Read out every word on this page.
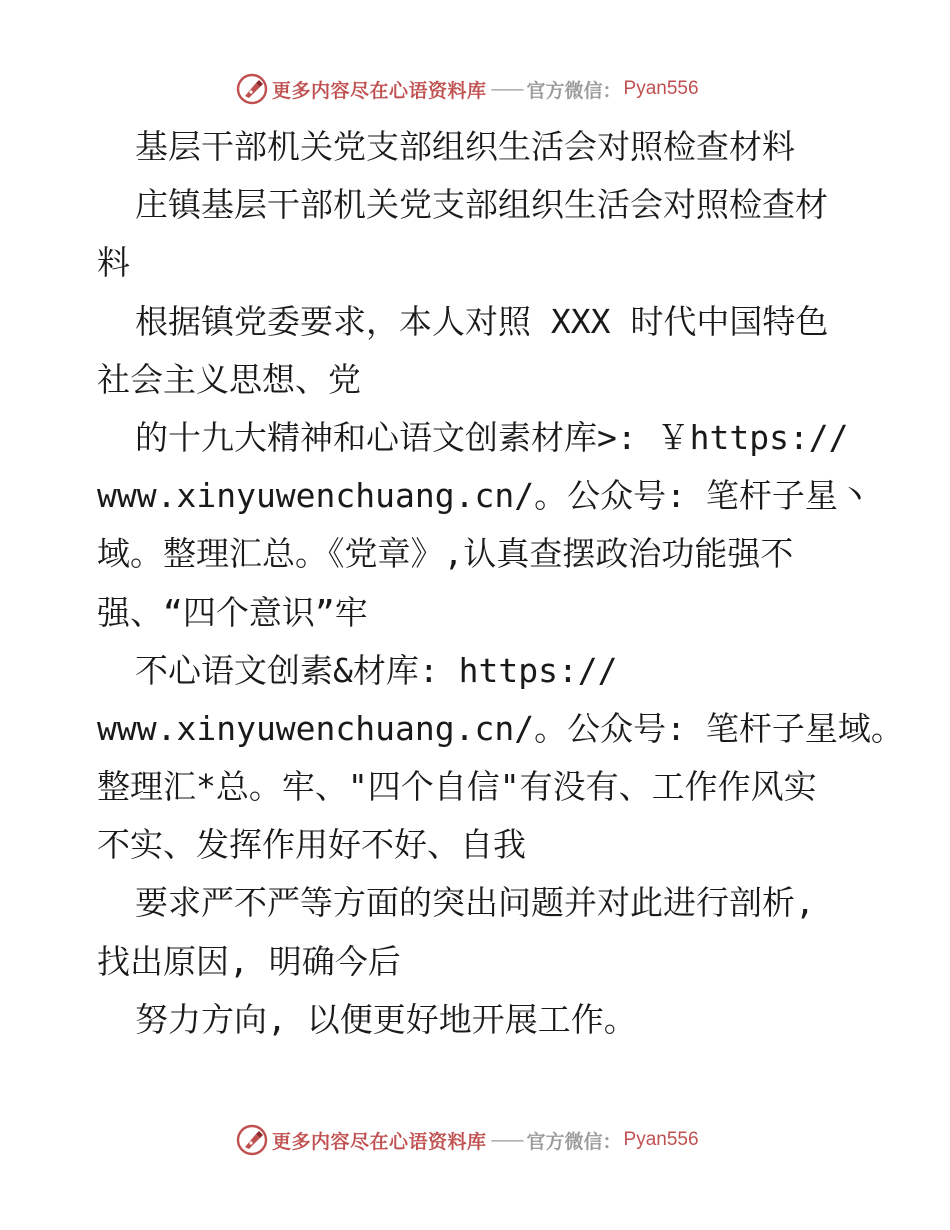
更多内容尽在心语资料库 —— 官方微信： Pyan556
基层干部机关党支部组织生活会对照检查材料
庄镇基层干部机关党支部组织生活会对照检查材
料
根据镇党委要求，本人对照 XXX 时代中国特色
社会主义思想、党
的十九大精神和心语文创素材库>: ￥https://
www.xinyuwenchuang.cn/。公众号: 笔杆子星丶
域。整理汇总。《党章》,认真查摆政治功能强不
强、“四个意识”牢
不心语文创素&材库: https://
www.xinyuwenchuang.cn/。公众号: 笔杆子星域。
整理汇*总。牢、"四个自信"有没有、工作作风实
不实、发挥作用好不好、自我
要求严不严等方面的突出问题并对此进行剖析,
找出原因, 明确今后
努力方向, 以便更好地开展工作。
更多内容尽在心语资料库 —— 官方微信： Pyan556
